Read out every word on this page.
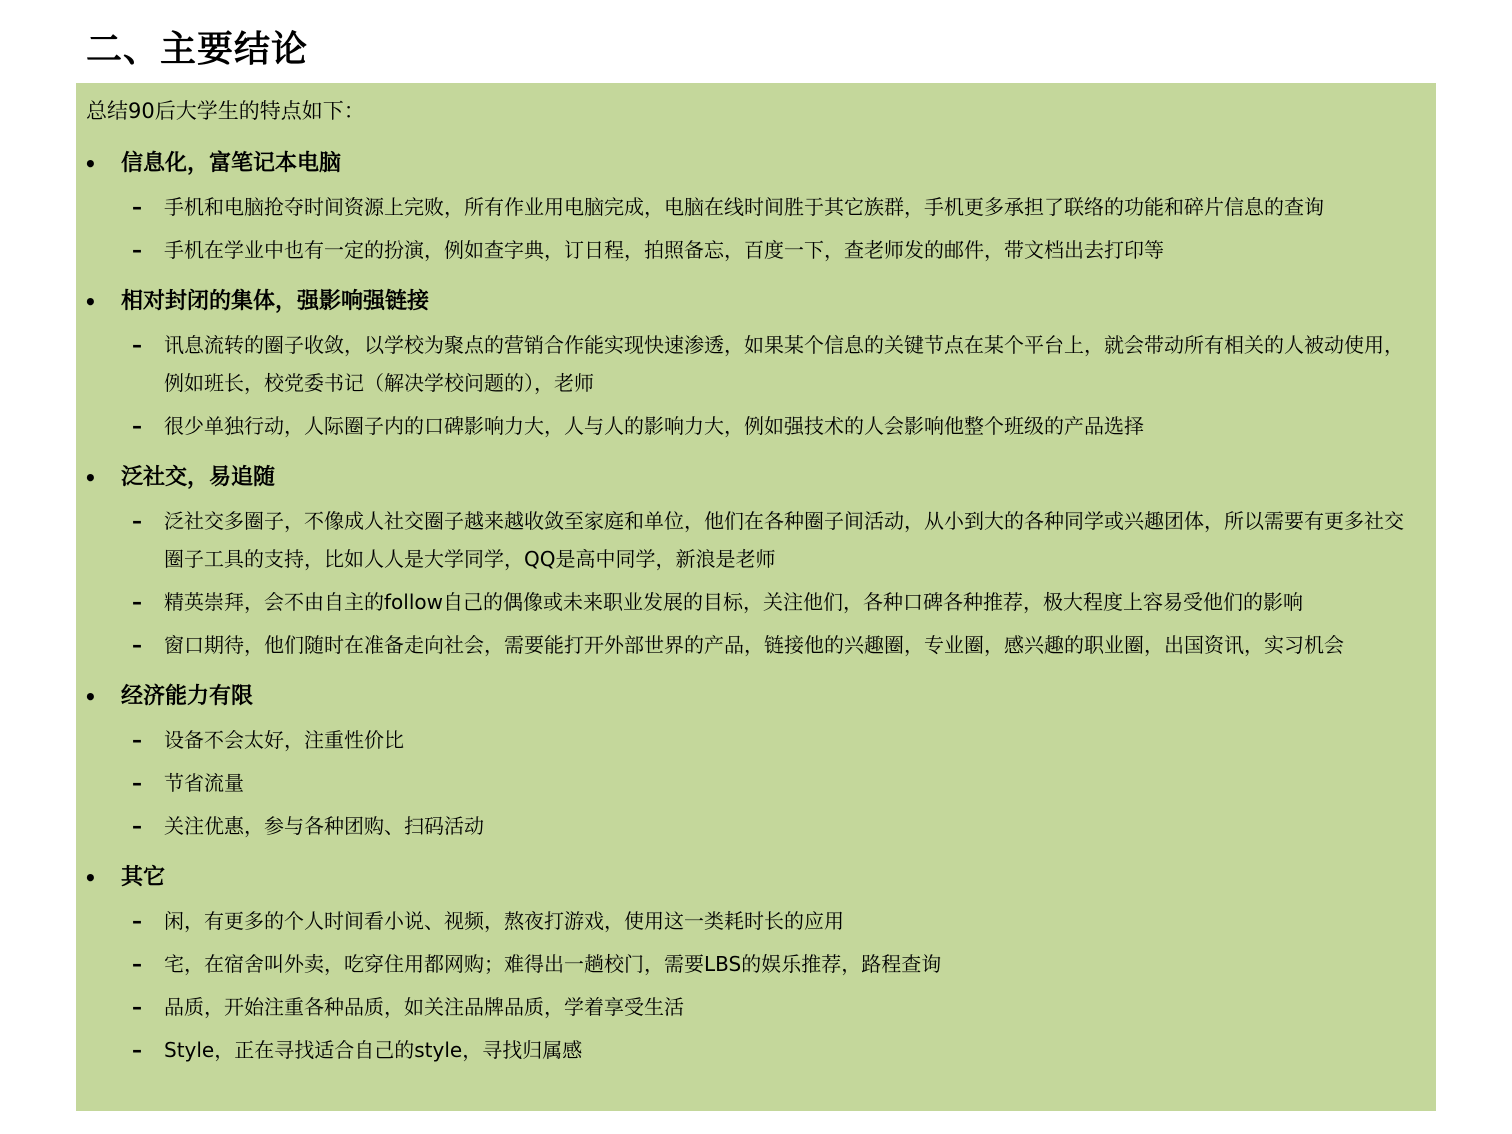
二、主要结论
总结90后大学生的特点如下：
• 信息化，富笔记本电脑
– 手机和电脑抢夺时间资源上完败，所有作业用电脑完成，电脑在线时间胜于其它族群，手机更多承担了联络的功能和碎片信息的查询
– 手机在学业中也有一定的扮演，例如查字典，订日程，拍照备忘，百度一下，查老师发的邮件，带文档出去打印等
• 相对封闭的集体，强影响强链接
– 讯息流转的圈子收敛，以学校为聚点的营销合作能实现快速渗透，如果某个信息的关键节点在某个平台上，就会带动所有相关的人被动使用，例如班长，校党委书记（解决学校问题的），老师
– 很少单独行动，人际圈子内的口碑影响力大，人与人的影响力大，例如强技术的人会影响他整个班级的产品选择
• 泛社交，易追随
– 泛社交多圈子，不像成人社交圈子越来越收敛至家庭和单位，他们在各种圈子间活动，从小到大的各种同学或兴趣团体，所以需要有更多社交圈子工具的支持，比如人人是大学同学，QQ是高中同学，新浪是老师
– 精英崇拜，会不由自主的follow自己的偶像或未来职业发展的目标，关注他们，各种口碑各种推荐，极大程度上容易受他们的影响
– 窗口期待，他们随时在准备走向社会，需要能打开外部世界的产品，链接他的兴趣圈，专业圈，感兴趣的职业圈，出国资讯，实习机会
• 经济能力有限
– 设备不会太好，注重性价比
– 节省流量
– 关注优惠，参与各种团购、扫码活动
• 其它
– 闲，有更多的个人时间看小说、视频，熬夜打游戏，使用这一类耗时长的应用
– 宅，在宿舍叫外卖，吃穿住用都网购；难得出一趟校门，需要LBS的娱乐推荐，路程查询
– 品质，开始注重各种品质，如关注品牌品质，学着享受生活
– Style，正在寻找适合自己的style，寻找归属感
